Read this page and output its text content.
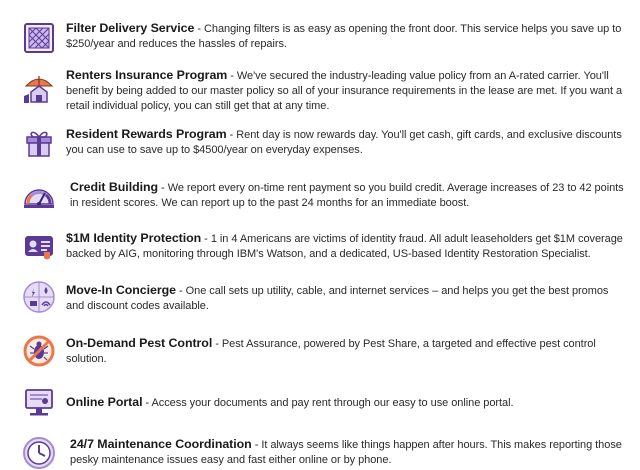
Filter Delivery Service - Changing filters is as easy as opening the front door. This service helps you save up to $250/year and reduces the hassles of repairs.
Renters Insurance Program - We've secured the industry-leading value policy from an A-rated carrier. You'll benefit by being added to our master policy so all of your insurance requirements in the lease are met. If you want a retail individual policy, you can still get that at any time.
Resident Rewards Program - Rent day is now rewards day. You'll get cash, gift cards, and exclusive discounts you can use to save up to $4500/year on everyday expenses.
Credit Building - We report every on-time rent payment so you build credit. Average increases of 23 to 42 points in resident scores. We can report up to the past 24 months for an immediate boost.
$1M Identity Protection - 1 in 4 Americans are victims of identity fraud. All adult leaseholders get $1M coverage backed by AIG, monitoring through IBM's Watson, and a dedicated, US-based Identity Restoration Specialist.
Move-In Concierge - One call sets up utility, cable, and internet services – and helps you get the best promos and discount codes available.
On-Demand Pest Control - Pest Assurance, powered by Pest Share, a targeted and effective pest control solution.
Online Portal - Access your documents and pay rent through our easy to use online portal.
24/7 Maintenance Coordination - It always seems like things happen after hours. This makes reporting those pesky maintenance issues easy and fast either online or by phone.
